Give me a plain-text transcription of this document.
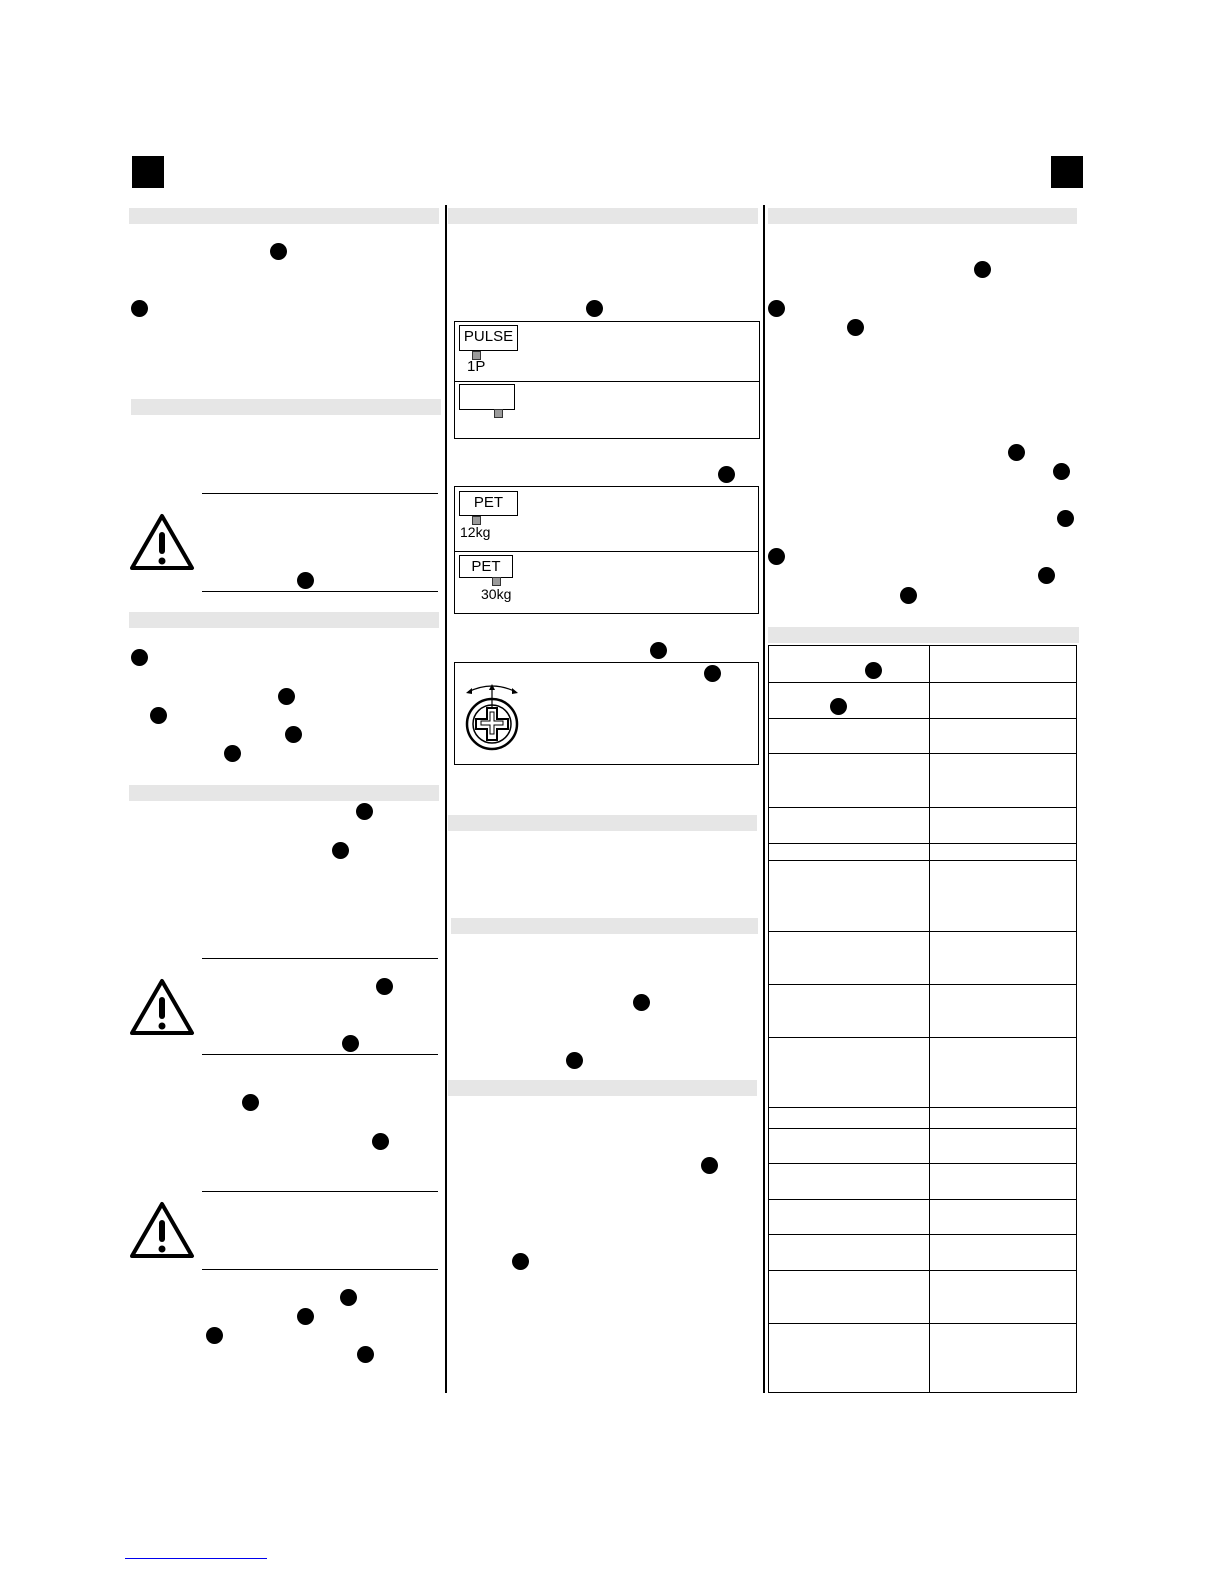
PULSE
1P
PET
12kg
PET
30kg
